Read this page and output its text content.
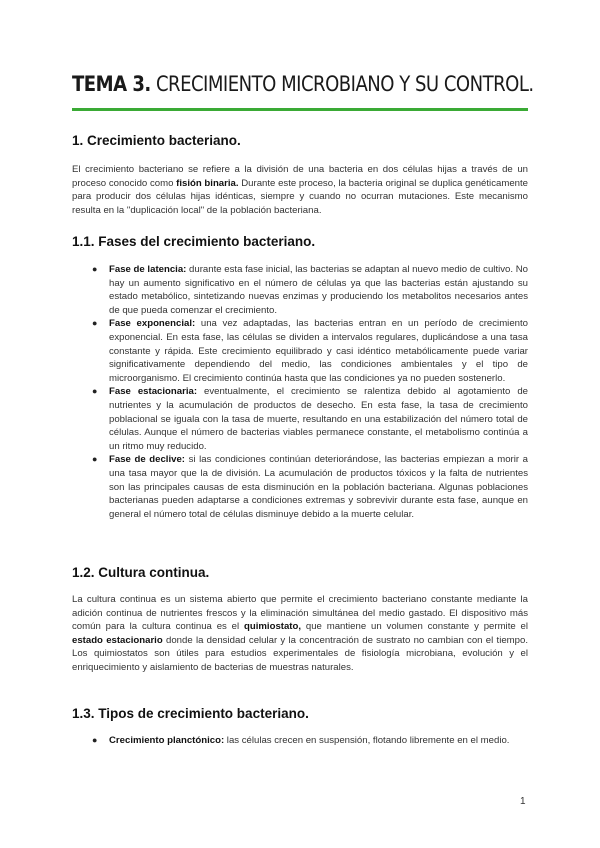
TEMA 3. CRECIMIENTO MICROBIANO Y SU CONTROL.
1. Crecimiento bacteriano.

El crecimiento bacteriano se refiere a la división de una bacteria en dos células hijas a través de un proceso conocido como fisión binaria. Durante este proceso, la bacteria original se duplica genéticamente para producir dos células hijas idénticas, siempre y cuando no ocurran mutaciones. Este mecanismo resulta en la "duplicación local" de la población bacteriana.

1.1. Fases del crecimiento bacteriano.
● Fase de latencia: durante esta fase inicial, las bacterias se adaptan al nuevo medio de cultivo. No hay un aumento significativo en el número de células ya que las bacterias están ajustando su estado metabólico, sintetizando nuevas enzimas y produciendo los metabolitos necesarios antes de que pueda comenzar el crecimiento.
● Fase exponencial: una vez adaptadas, las bacterias entran en un período de crecimiento exponencial. En esta fase, las células se dividen a intervalos regulares, duplicándose a una tasa constante y rápida. Este crecimiento equilibrado y casi idéntico metabólicamente puede variar significativamente dependiendo del medio, las condiciones ambientales y el tipo de microorganismo. El crecimiento continúa hasta que las condiciones ya no pueden sostenerlo.
● Fase estacionaria: eventualmente, el crecimiento se ralentiza debido al agotamiento de nutrientes y la acumulación de productos de desecho. En esta fase, la tasa de crecimiento poblacional se iguala con la tasa de muerte, resultando en una estabilización del número total de células. Aunque el número de bacterias viables permanece constante, el metabolismo continúa a un ritmo muy reducido.
● Fase de declive: si las condiciones continúan deteriorándose, las bacterias empiezan a morir a una tasa mayor que la de división. La acumulación de productos tóxicos y la falta de nutrientes son las principales causas de esta disminución en la población bacteriana. Algunas poblaciones bacterianas pueden adaptarse a condiciones extremas y sobrevivir durante esta fase, aunque en general el número total de células disminuye debido a la muerte celular.
1.2. Cultura continua.

La cultura continua es un sistema abierto que permite el crecimiento bacteriano constante mediante la adición continua de nutrientes frescos y la eliminación simultánea del medio gastado. El dispositivo más común para la cultura continua es el quimiostato, que mantiene un volumen constante y permite el estado estacionario donde la densidad celular y la concentración de sustrato no cambian con el tiempo. Los quimiostatos son útiles para estudios experimentales de fisiología microbiana, evolución y el enriquecimiento y aislamiento de bacterias de muestras naturales.

1.3. Tipos de crecimiento bacteriano.
● Crecimiento planctónico: las células crecen en suspensión, flotando libremente en el medio.
1
